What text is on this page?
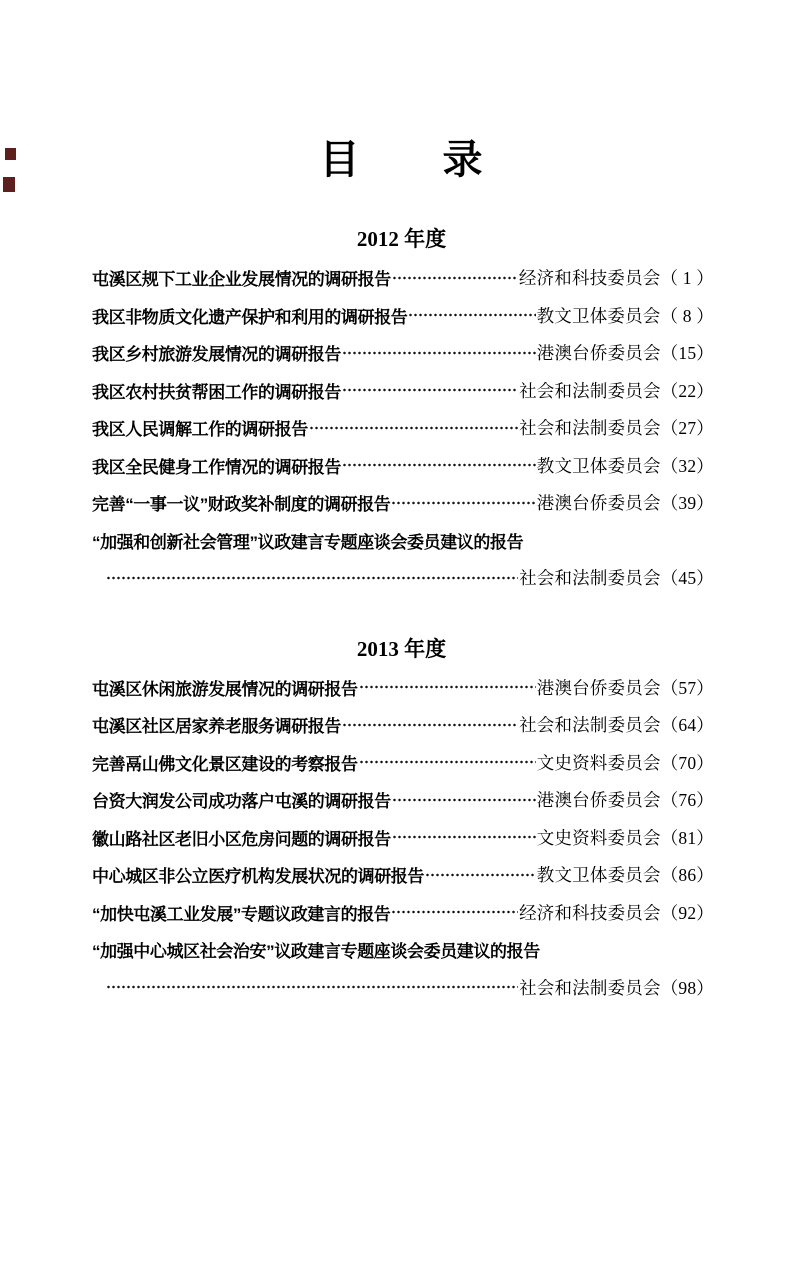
目　　录
2012 年度
屯溪区规下工业企业发展情况的调研报告	经济和科技委员会（ 1 ）
我区非物质文化遗产保护和利用的调研报告	教文卫体委员会（ 8 ）
我区乡村旅游发展情况的调研报告	港澳台侨委员会（15）
我区农村扶贫帮困工作的调研报告	社会和法制委员会（22）
我区人民调解工作的调研报告	社会和法制委员会（27）
我区全民健身工作情况的调研报告	教文卫体委员会（32）
完善“一事一议”财政奖补制度的调研报告	港澳台侨委员会（39）
“加强和创新社会管理”议政建言专题座谈会委员建议的报告
社会和法制委员会（45）
2013 年度
屯溪区休闲旅游发展情况的调研报告	港澳台侨委员会（57）
屯溪区社区居家养老服务调研报告	社会和法制委员会（64）
完善鬲山佛文化景区建设的考察报告	文史资料委员会（70）
台资大润发公司成功落户屯溪的调研报告	港澳台侨委员会（76）
徽山路社区老旧小区危房问题的调研报告	文史资料委员会（81）
中心城区非公立医疗机构发展状况的调研报告	教文卫体委员会（86）
“加快屯溪工业发展”专题议政建言的报告	经济和科技委员会（92）
“加强中心城区社会治安”议政建言专题座谈会委员建议的报告
社会和法制委员会（98）
